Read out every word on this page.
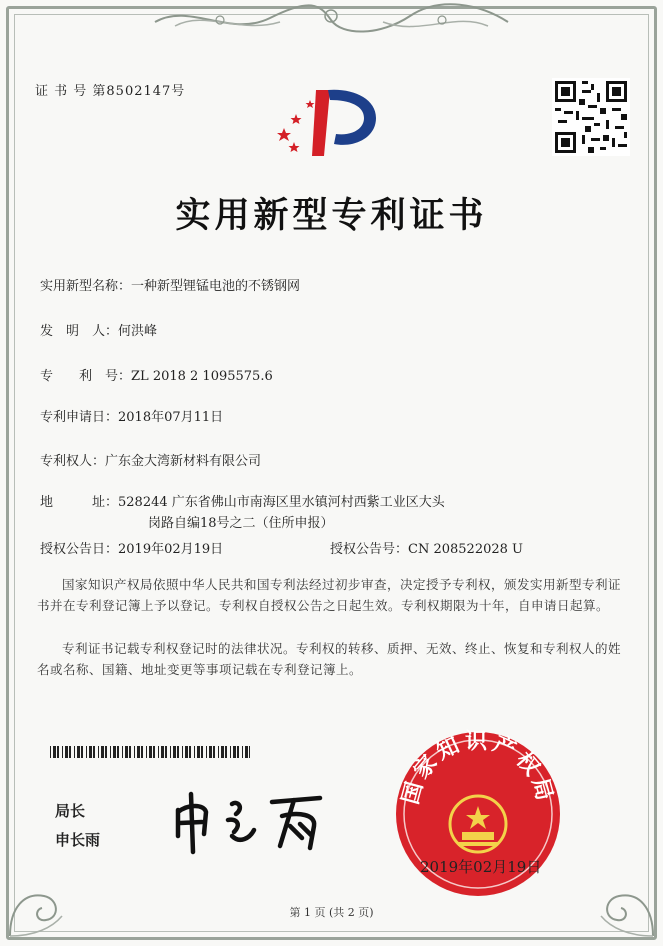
证 书 号 第8502147号
实用新型专利证书
实用新型名称：一种新型锂锰电池的不锈钢网
发　明　人：何洪峰
专　　利　号：ZL 2018 2 1095575.6
专利申请日：2018年07月11日
专利权人：广东金大湾新材料有限公司
地　　　址：528244 广东省佛山市南海区里水镇河村西紫工业区大头
岗路自编18号之二（住所申报）
授权公告日：2019年02月19日	授权公告号：CN 208522028 U
国家知识产权局依照中华人民共和国专利法经过初步审查，决定授予专利权，颁发实用新型专利证书并在专利登记簿上予以登记。专利权自授权公告之日起生效。专利权期限为十年，自申请日起算。
专利证书记载专利权登记时的法律状况。专利权的转移、质押、无效、终止、恢复和专利权人的姓名或名称、国籍、地址变更等事项记载在专利登记簿上。
局长
申长雨
国家知识产权局
2019年02月19日
第 1 页 (共 2 页)
